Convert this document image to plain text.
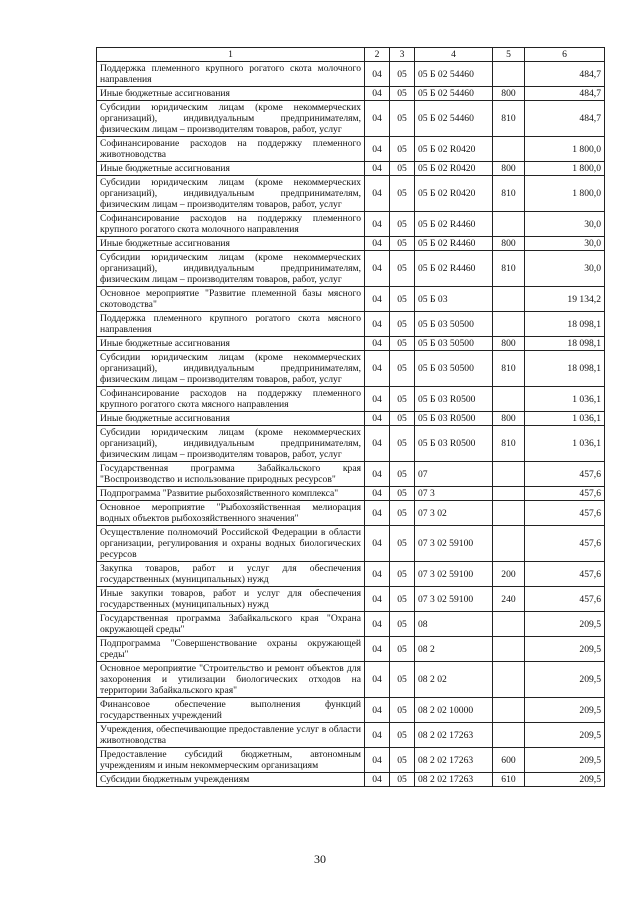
1	2	3	4	5	6
Поддержка племенного крупного рогатого скота молочного направления	04	05	05 Б 02 54460		484,7
Иные бюджетные ассигнования	04	05	05 Б 02 54460	800	484,7
Субсидии юридическим лицам (кроме некоммерческих организаций), индивидуальным предпринимателям, физическим лицам – производителям товаров, работ, услуг	04	05	05 Б 02 54460	810	484,7
Софинансирование расходов на поддержку племенного животноводства	04	05	05 Б 02 R0420		1 800,0
Иные бюджетные ассигнования	04	05	05 Б 02 R0420	800	1 800,0
Субсидии юридическим лицам (кроме некоммерческих организаций), индивидуальным предпринимателям, физическим лицам – производителям товаров, работ, услуг	04	05	05 Б 02 R0420	810	1 800,0
Софинансирование расходов на поддержку племенного крупного рогатого скота молочного направления	04	05	05 Б 02 R4460		30,0
Иные бюджетные ассигнования	04	05	05 Б 02 R4460	800	30,0
Субсидии юридическим лицам (кроме некоммерческих организаций), индивидуальным предпринимателям, физическим лицам – производителям товаров, работ, услуг	04	05	05 Б 02 R4460	810	30,0
Основное мероприятие "Развитие племенной базы мясного скотоводства"	04	05	05 Б 03		19 134,2
Поддержка племенного крупного рогатого скота мясного направления	04	05	05 Б 03 50500		18 098,1
Иные бюджетные ассигнования	04	05	05 Б 03 50500	800	18 098,1
Субсидии юридическим лицам (кроме некоммерческих организаций), индивидуальным предпринимателям, физическим лицам – производителям товаров, работ, услуг	04	05	05 Б 03 50500	810	18 098,1
Софинансирование расходов на поддержку племенного крупного рогатого скота мясного направления	04	05	05 Б 03 R0500		1 036,1
Иные бюджетные ассигнования	04	05	05 Б 03 R0500	800	1 036,1
Субсидии юридическим лицам (кроме некоммерческих организаций), индивидуальным предпринимателям, физическим лицам – производителям товаров, работ, услуг	04	05	05 Б 03 R0500	810	1 036,1
Государственная программа Забайкальского края "Воспроизводство и использование природных ресурсов"	04	05	07		457,6
Подпрограмма "Развитие рыбохозяйственного комплекса"	04	05	07 3		457,6
Основное мероприятие "Рыбохозяйственная мелиорация водных объектов рыбохозяйственного значения"	04	05	07 3 02		457,6
Осуществление полномочий Российской Федерации в области организации, регулирования и охраны водных биологических ресурсов	04	05	07 3 02 59100		457,6
Закупка товаров, работ и услуг для обеспечения государственных (муниципальных) нужд	04	05	07 3 02 59100	200	457,6
Иные закупки товаров, работ и услуг для обеспечения государственных (муниципальных) нужд	04	05	07 3 02 59100	240	457,6
Государственная программа Забайкальского края "Охрана окружающей среды"	04	05	08		209,5
Подпрограмма "Совершенствование охраны окружающей среды"	04	05	08 2		209,5
Основное мероприятие "Строительство и ремонт объектов для захоронения и утилизации биологических отходов на территории Забайкальского края"	04	05	08 2 02		209,5
Финансовое обеспечение выполнения функций государственных учреждений	04	05	08 2 02 10000		209,5
Учреждения, обеспечивающие предоставление услуг в области животноводства	04	05	08 2 02 17263		209,5
Предоставление субсидий бюджетным, автономным учреждениям и иным некоммерческим организациям	04	05	08 2 02 17263	600	209,5
Субсидии бюджетным учреждениям	04	05	08 2 02 17263	610	209,5
30
